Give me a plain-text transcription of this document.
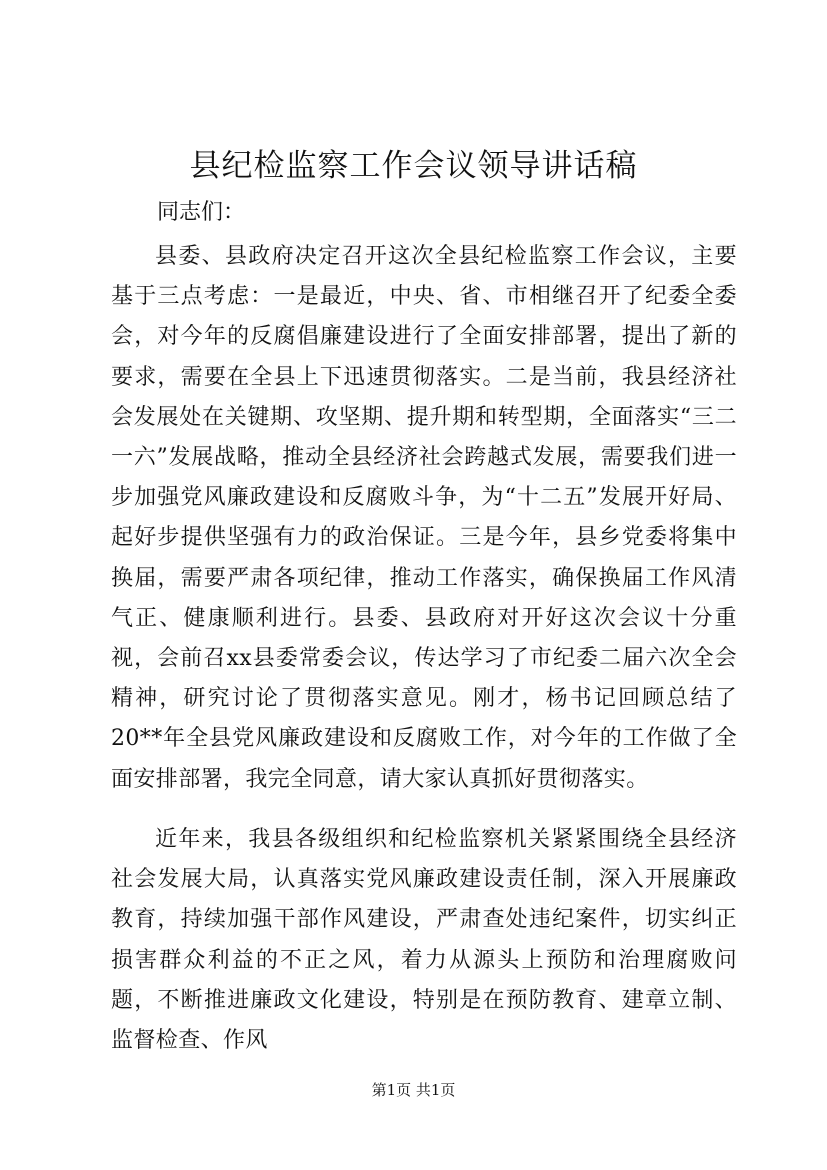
县纪检监察工作会议领导讲话稿

同志们：

县委、县政府决定召开这次全县纪检监察工作会议，主要基于三点考虑：一是最近，中央、省、市相继召开了纪委全委会，对今年的反腐倡廉建设进行了全面安排部署，提出了新的要求，需要在全县上下迅速贯彻落实。二是当前，我县经济社会发展处在关键期、攻坚期、提升期和转型期，全面落实“三二一六”发展战略，推动全县经济社会跨越式发展，需要我们进一步加强党风廉政建设和反腐败斗争，为“十二五”发展开好局、起好步提供坚强有力的政治保证。三是今年，县乡党委将集中换届，需要严肃各项纪律，推动工作落实，确保换届工作风清气正、健康顺利进行。县委、县政府对开好这次会议十分重视，会前召xx县委常委会议，传达学习了市纪委二届六次全会精神，研究讨论了贯彻落实意见。刚才，杨书记回顾总结了20**年全县党风廉政建设和反腐败工作，对今年的工作做了全面安排部署，我完全同意，请大家认真抓好贯彻落实。

近年来，我县各级组织和纪检监察机关紧紧围绕全县经济社会发展大局，认真落实党风廉政建设责任制，深入开展廉政教育，持续加强干部作风建设，严肃查处违纪案件，切实纠正损害群众利益的不正之风，着力从源头上预防和治理腐败问题，不断推进廉政文化建设，特别是在预防教育、建章立制、监督检查、作风

第1页 共1页
